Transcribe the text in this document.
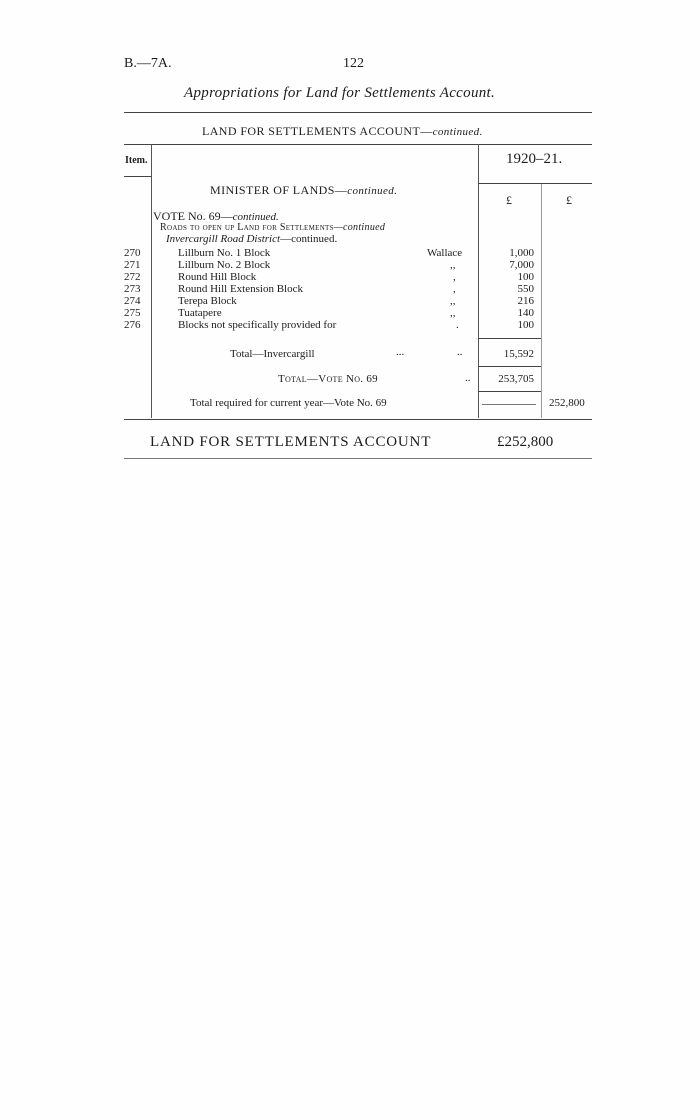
B.—7A.	122
Appropriations for Land for Settlements Account.
LAND FOR SETTLEMENTS ACCOUNT—continued.
Item.	1920–21.
£	£
MINISTER OF LANDS—continued.
VOTE No. 69—continued.
Roads to open up Land for Settlements—continued
Invercargill Road District—continued.
270	Lillburn No. 1 Block	Wallace	1,000
271	Lillburn No. 2 Block	,,	7,000
272	Round Hill Block	,	100
273	Round Hill Extension Block	,	550
274	Terepa Block	,,	216
275	Tuatapere	,,	140
276	Blocks not specifically provided for	.	100
Total—Invercargill	...	..	15,592
Total—Vote No. 69	..	253,705
Total required for current year—Vote No. 69	252,800
LAND FOR SETTLEMENTS ACCOUNT	£252,800
